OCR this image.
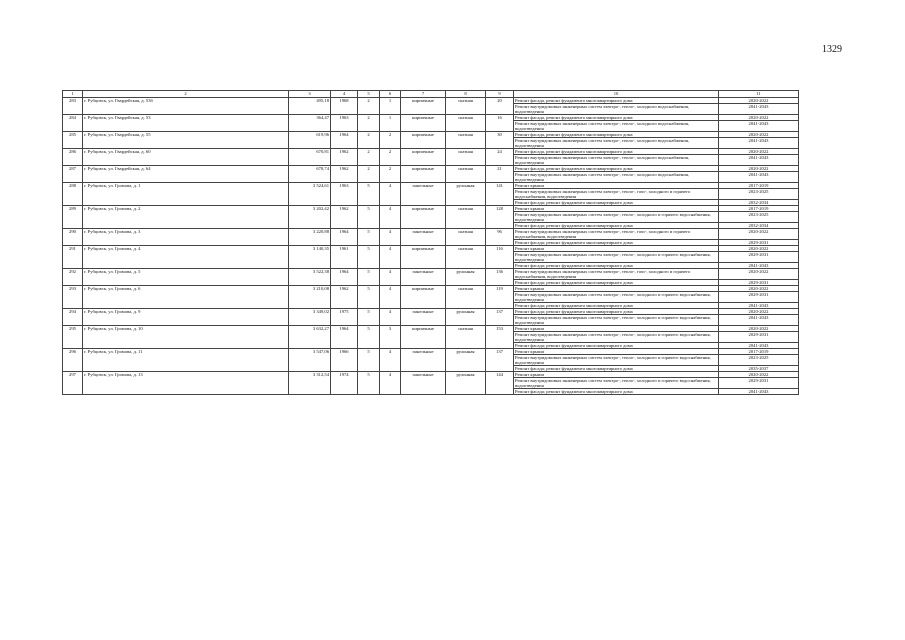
1329
1	2	3	4	5	6	7	8	9	10	11
283	г. Рубцовск, ул. Гвардейская, д. 53б	495,18	1968	2	1	кирпичные	скатная	20	Ремонт фасада, ремонт фундамента многоквартирного дома	2020-2022
									Ремонт внутридомовых инженерных систем электро-, тепло-, холодного водоснабжения, водоотведения	2041-2043
284	г. Рубцовск, ул. Гвардейская, д. 53	364,47	1963	2	1	кирпичные	скатная	16	Ремонт фасада, ремонт фундамента многоквартирного дома	2020-2022
									Ремонт внутридомовых инженерных систем электро-, тепло-, холодного водоснабжения, водоотведения	2041-2043
285	г. Рубцовск, ул. Гвардейская, д. 55	619,96	1964	2	2	кирпичные	скатная	30	Ремонт фасада, ремонт фундамента многоквартирного дома	2020-2022
									Ремонт внутридомовых инженерных систем электро-, тепло-, холодного водоснабжения, водоотведения	2041-2043
286	г. Рубцовск, ул. Гвардейская, д. 60	670,81	1962	2	2	кирпичные	скатная	24	Ремонт фасада, ремонт фундамента многоквартирного дома	2020-2022
									Ремонт внутридомовых инженерных систем электро-, тепло-, холодного водоснабжения, водоотведения	2041-2043
287	г. Рубцовск, ул. Гвардейская, д. 64	678,74	1962	2	2	кирпичные	скатная	21	Ремонт фасада, ремонт фундамента многоквартирного дома	2020-2022
									Ремонт внутридомовых инженерных систем электро-, тепло-, холодного водоснабжения, водоотведения	2041-2043
288	г. Рубцовск, ул. Громова, д. 1	3 524,61	1963	5	4	панельные	рулонная	141	Ремонт крыши	2017-2019
									Ремонт внутридомовых инженерных систем электро-, тепло-, газо-, холодного и горячего водоснабжения, водоотведения	2023-2025
									Ремонт фасада; ремонт фундамента многоквартирного дома	2032-2034
289	г. Рубцовск, ул. Громова, д. 2	3 202,42	1962	5	4	кирпичные	скатная	128	Ремонт крыши	2017-2019
									Ремонт внутридомовых инженерных систем электро-, тепло-, холодного и горячего водоснабжения, водоотведения	2023-2025
									Ремонт фасада; ремонт фундамента многоквартирного дома	2032-2034
290	г. Рубцовск, ул. Громова, д. 3	3 220,88	1964	5	4	панельные	скатная	96	Ремонт внутридомовых инженерных систем электро-, тепло-, газо-, холодного и горячего водоснабжения, водоотведения	2020-2022
									Ремонт фасада; ремонт фундамента многоквартирного дома	2029-2031
291	г. Рубцовск, ул. Громова, д. 4	3 140,35	1961	5	4	кирпичные	скатная	116	Ремонт крыши	2020-2022
									Ремонт внутридомовых инженерных систем электро-, тепло-, холодного и горячего водоснабжения, водоотведения	2029-2031
									Ремонт фасада; ремонт фундамента многоквартирного дома	2041-2043
292	г. Рубцовск, ул. Громова, д. 5	3 522,38	1964	5	4	панельные	рулонная	136	Ремонт внутридомовых инженерных систем электро-, тепло-, газо-, холодного и горячего водоснабжения, водоотведения	2020-2022
									Ремонт фасада; ремонт фундамента многоквартирного дома	2029-2031
293	г. Рубцовск, ул. Громова, д. 6	3 210,08	1962	5	4	кирпичные	скатная	119	Ремонт крыши	2020-2022
									Ремонт внутридомовых инженерных систем электро-, тепло-, холодного и горячего водоснабжения, водоотведения	2029-2031
									Ремонт фасада; ремонт фундамента многоквартирного дома	2041-2043
294	г. Рубцовск, ул. Громова, д. 9	3 349,02	1975	5	4	панельные	рулонная	137	Ремонт фасада; ремонт фундамента многоквартирного дома	2020-2022
									Ремонт внутридомовых инженерных систем электро-, тепло-, холодного и горячего водоснабжения, водоотведения	2041-2043
295	г. Рубцовск, ул. Громова, д. 10	3 632,27	1964	5	3	кирпичные	скатная	153	Ремонт крыши	2020-2022
									Ремонт внутридомовых инженерных систем электро-, тепло-, холодного и горячего водоснабжения, водоотведения	2029-2031
									Ремонт фасада; ремонт фундамента многоквартирного дома	2041-2043
296	г. Рубцовск, ул. Громова, д. 11	3 547,06	1966	5	4	панельные	рулонная	137	Ремонт крыши	2017-2019
									Ремонт внутридомовых инженерных систем электро-, тепло-, холодного и горячего водоснабжения, водоотведения	2023-2025
									Ремонт фасада; ремонт фундамента многоквартирного дома	2035-2037
297	г. Рубцовск, ул. Громова, д. 13	3 312,54	1974	5	4	панельные	рулонная	144	Ремонт крыши	2020-2022
									Ремонт внутридомовых инженерных систем электро-, тепло-, холодного и горячего водоснабжения, водоотведения	2029-2031
									Ремонт фасада; ремонт фундамента многоквартирного дома	2041-2043
